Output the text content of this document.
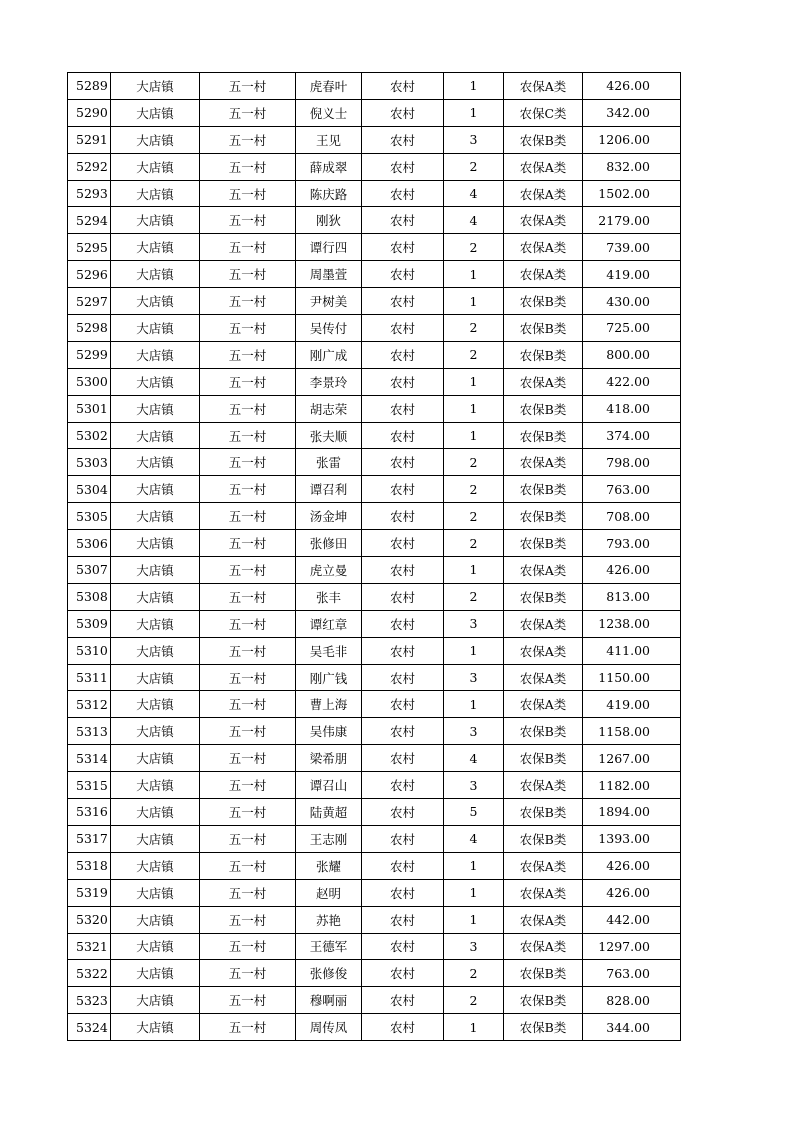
5289	大店镇	五一村	虎春叶	农村	1	农保A类	426.00
5290	大店镇	五一村	倪义士	农村	1	农保C类	342.00
5291	大店镇	五一村	王见	农村	3	农保B类	1206.00
5292	大店镇	五一村	薛成翠	农村	2	农保A类	832.00
5293	大店镇	五一村	陈庆路	农村	4	农保A类	1502.00
5294	大店镇	五一村	刚狄	农村	4	农保A类	2179.00
5295	大店镇	五一村	谭行四	农村	2	农保A类	739.00
5296	大店镇	五一村	周墨萱	农村	1	农保A类	419.00
5297	大店镇	五一村	尹树美	农村	1	农保B类	430.00
5298	大店镇	五一村	吴传付	农村	2	农保B类	725.00
5299	大店镇	五一村	刚广成	农村	2	农保B类	800.00
5300	大店镇	五一村	李景玲	农村	1	农保A类	422.00
5301	大店镇	五一村	胡志荣	农村	1	农保B类	418.00
5302	大店镇	五一村	张夫顺	农村	1	农保B类	374.00
5303	大店镇	五一村	张雷	农村	2	农保A类	798.00
5304	大店镇	五一村	谭召利	农村	2	农保B类	763.00
5305	大店镇	五一村	汤金坤	农村	2	农保B类	708.00
5306	大店镇	五一村	张修田	农村	2	农保B类	793.00
5307	大店镇	五一村	虎立曼	农村	1	农保A类	426.00
5308	大店镇	五一村	张丰	农村	2	农保B类	813.00
5309	大店镇	五一村	谭红章	农村	3	农保A类	1238.00
5310	大店镇	五一村	吴毛非	农村	1	农保A类	411.00
5311	大店镇	五一村	刚广钱	农村	3	农保A类	1150.00
5312	大店镇	五一村	曹上海	农村	1	农保A类	419.00
5313	大店镇	五一村	吴伟康	农村	3	农保B类	1158.00
5314	大店镇	五一村	梁希朋	农村	4	农保B类	1267.00
5315	大店镇	五一村	谭召山	农村	3	农保A类	1182.00
5316	大店镇	五一村	陆黄超	农村	5	农保B类	1894.00
5317	大店镇	五一村	王志刚	农村	4	农保B类	1393.00
5318	大店镇	五一村	张耀	农村	1	农保A类	426.00
5319	大店镇	五一村	赵明	农村	1	农保A类	426.00
5320	大店镇	五一村	苏艳	农村	1	农保A类	442.00
5321	大店镇	五一村	王德军	农村	3	农保A类	1297.00
5322	大店镇	五一村	张修俊	农村	2	农保B类	763.00
5323	大店镇	五一村	穆啊丽	农村	2	农保B类	828.00
5324	大店镇	五一村	周传凤	农村	1	农保B类	344.00
